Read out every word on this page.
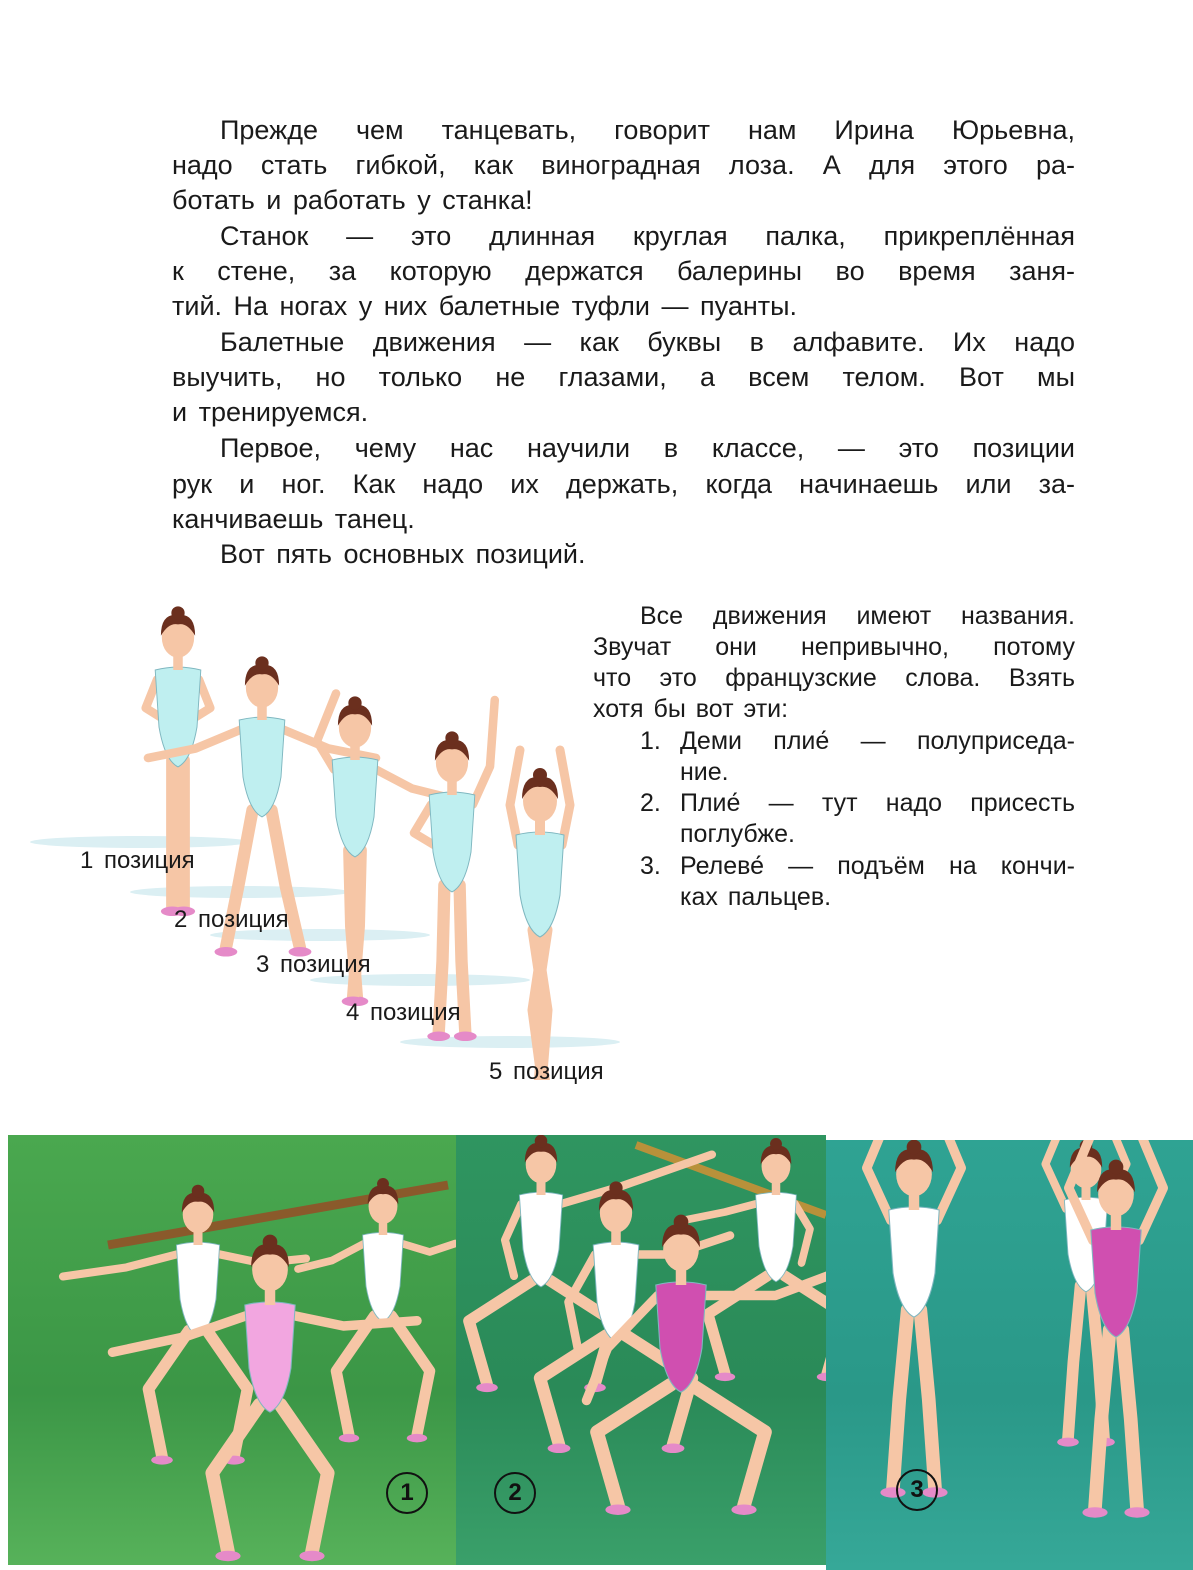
Прежде чем танцевать, говорит нам Ирина Юрьевна,
надо стать гибкой, как виноградная лоза. А для этого ра-
ботать и работать у станка!
Станок — это длинная круглая палка, прикреплённая
к стене, за которую держатся балерины во время заня-
тий. На ногах у них балетные туфли — пуанты.
Балетные движения — как буквы в алфавите. Их надо
выучить, но только не глазами, а всем телом. Вот мы
и тренируемся.
Первое, чему нас научили в классе, — это позиции
рук и ног. Как надо их держать, когда начинаешь или за-
канчиваешь танец.
Вот пять основных позиций.
Все движения имеют названия.
Звучат они непривычно, потому
что это французские слова. Взять
хотя бы вот эти:
1. Деми плие́ — полуприседа-
ние.
2. Плие́ — тут надо присесть
поглубже.
3. Релеве́ — подъём на кончи-
ках пальцев.
1 позиция
2 позиция
3 позиция
4 позиция
5 позиция
1	2	3
